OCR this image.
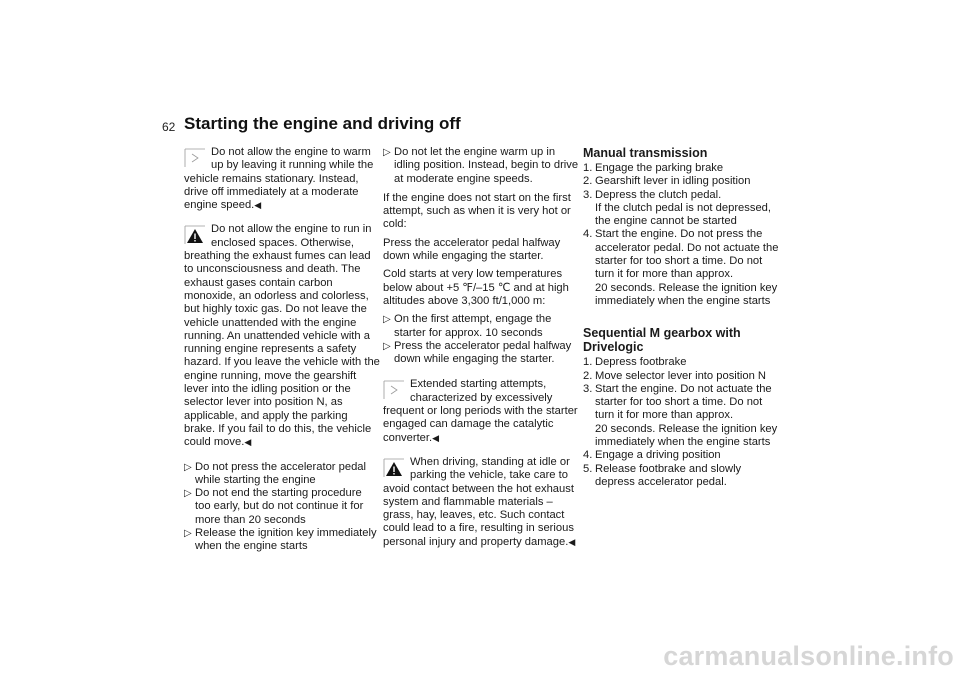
62 Starting the engine and driving off
Do not allow the engine to warm up by leaving it running while the vehicle remains stationary. Instead, drive off immediately at a moderate engine speed.◀
Do not allow the engine to run in enclosed spaces. Otherwise, breathing the exhaust fumes can lead to unconsciousness and death. The exhaust gases contain carbon monoxide, an odorless and colorless, but highly toxic gas. Do not leave the vehicle unattended with the engine running. An unattended vehicle with a running engine represents a safety hazard. If you leave the vehicle with the engine running, move the gearshift lever into the idling position or the selector lever into position N, as applicable, and apply the parking brake. If you fail to do this, the vehicle could move.◀
▷ Do not press the accelerator pedal while starting the engine
▷ Do not end the starting procedure too early, but do not continue it for more than 20 seconds
▷ Release the ignition key immediately when the engine starts
▷ Do not let the engine warm up in idling position. Instead, begin to drive at moderate engine speeds.

If the engine does not start on the first attempt, such as when it is very hot or cold:

Press the accelerator pedal halfway down while engaging the starter.

Cold starts at very low temperatures below about +5 ℉/–15 ℃ and at high altitudes above 3,300 ft/1,000 m:

▷ On the first attempt, engage the starter for approx. 10 seconds
▷ Press the accelerator pedal halfway down while engaging the starter.
Extended starting attempts, characterized by excessively frequent or long periods with the starter engaged can damage the catalytic converter.◀
When driving, standing at idle or parking the vehicle, take care to avoid contact between the hot exhaust system and flammable materials – grass, hay, leaves, etc. Such contact could lead to a fire, resulting in serious personal injury and property damage.◀
Manual transmission
1. Engage the parking brake
2. Gearshift lever in idling position
3. Depress the clutch pedal.
If the clutch pedal is not depressed, the engine cannot be started
4. Start the engine. Do not press the accelerator pedal. Do not actuate the starter for too short a time. Do not turn it for more than approx.
20 seconds. Release the ignition key immediately when the engine starts
Sequential M gearbox with Drivelogic
1. Depress footbrake
2. Move selector lever into position N
3. Start the engine. Do not actuate the starter for too short a time. Do not turn it for more than approx.
20 seconds. Release the ignition key immediately when the engine starts
4. Engage a driving position
5. Release footbrake and slowly depress accelerator pedal.
carmanualsonline.info
